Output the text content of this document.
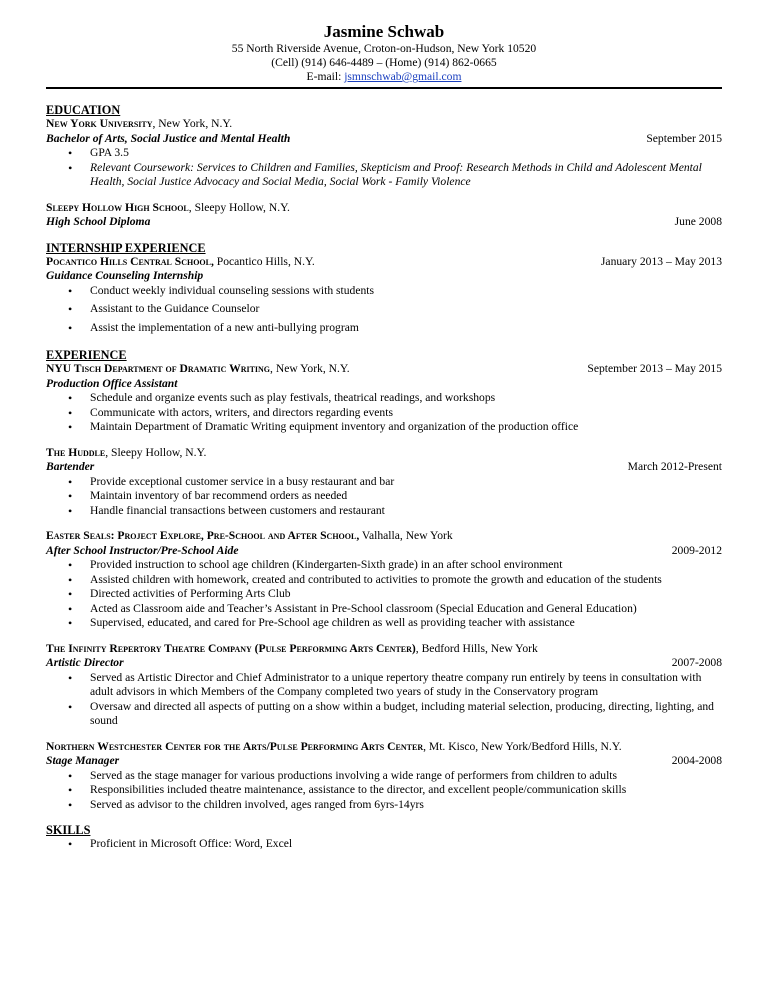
Jasmine Schwab
55 North Riverside Avenue, Croton-on-Hudson, New York 10520
(Cell) (914) 646-4489 – (Home) (914) 862-0665
E-mail: jsmnschwab@gmail.com
EDUCATION
New York University, New York, N.Y.
Bachelor of Arts, Social Justice and Mental Health	September 2015
• GPA 3.5
• Relevant Coursework: Services to Children and Families, Skepticism and Proof: Research Methods in Child and Adolescent Mental Health, Social Justice Advocacy and Social Media, Social Work - Family Violence
Sleepy Hollow High School, Sleepy Hollow, N.Y.
High School Diploma	June 2008
INTERNSHIP EXPERIENCE
Pocantico Hills Central School, Pocantico Hills, N.Y.	January 2013 – May 2013
Guidance Counseling Internship
• Conduct weekly individual counseling sessions with students
• Assistant to the Guidance Counselor
• Assist the implementation of a new anti-bullying program
EXPERIENCE
NYU Tisch Department of Dramatic Writing, New York, N.Y.	September 2013 – May 2015
Production Office Assistant
• Schedule and organize events such as play festivals, theatrical readings, and workshops
• Communicate with actors, writers, and directors regarding events
• Maintain Department of Dramatic Writing equipment inventory and organization of the production office
The Huddle, Sleepy Hollow, N.Y.
Bartender	March 2012-Present
• Provide exceptional customer service in a busy restaurant and bar
• Maintain inventory of bar recommend orders as needed
• Handle financial transactions between customers and restaurant
Easter Seals: Project Explore, Pre-School and After School, Valhalla, New York
After School Instructor/Pre-School Aide	2009-2012
• Provided instruction to school age children (Kindergarten-Sixth grade) in an after school environment
• Assisted children with homework, created and contributed to activities to promote the growth and education of the students
• Directed activities of Performing Arts Club
• Acted as Classroom aide and Teacher’s Assistant in Pre-School classroom (Special Education and General Education)
• Supervised, educated, and cared for Pre-School age children as well as providing teacher with assistance
The Infinity Repertory Theatre Company (Pulse Performing Arts Center), Bedford Hills, New York
Artistic Director	2007-2008
• Served as Artistic Director and Chief Administrator to a unique repertory theatre company run entirely by teens in consultation with adult advisors in which Members of the Company completed two years of study in the Conservatory program
• Oversaw and directed all aspects of putting on a show within a budget, including material selection, producing, directing, lighting, and sound
Northern Westchester Center for the Arts/Pulse Performing Arts Center, Mt. Kisco, New York/Bedford Hills, N.Y.
Stage Manager	2004-2008
• Served as the stage manager for various productions involving a wide range of performers from children to adults
• Responsibilities included theatre maintenance, assistance to the director, and excellent people/communication skills
• Served as advisor to the children involved, ages ranged from 6yrs-14yrs
SKILLS
• Proficient in Microsoft Office: Word, Excel
